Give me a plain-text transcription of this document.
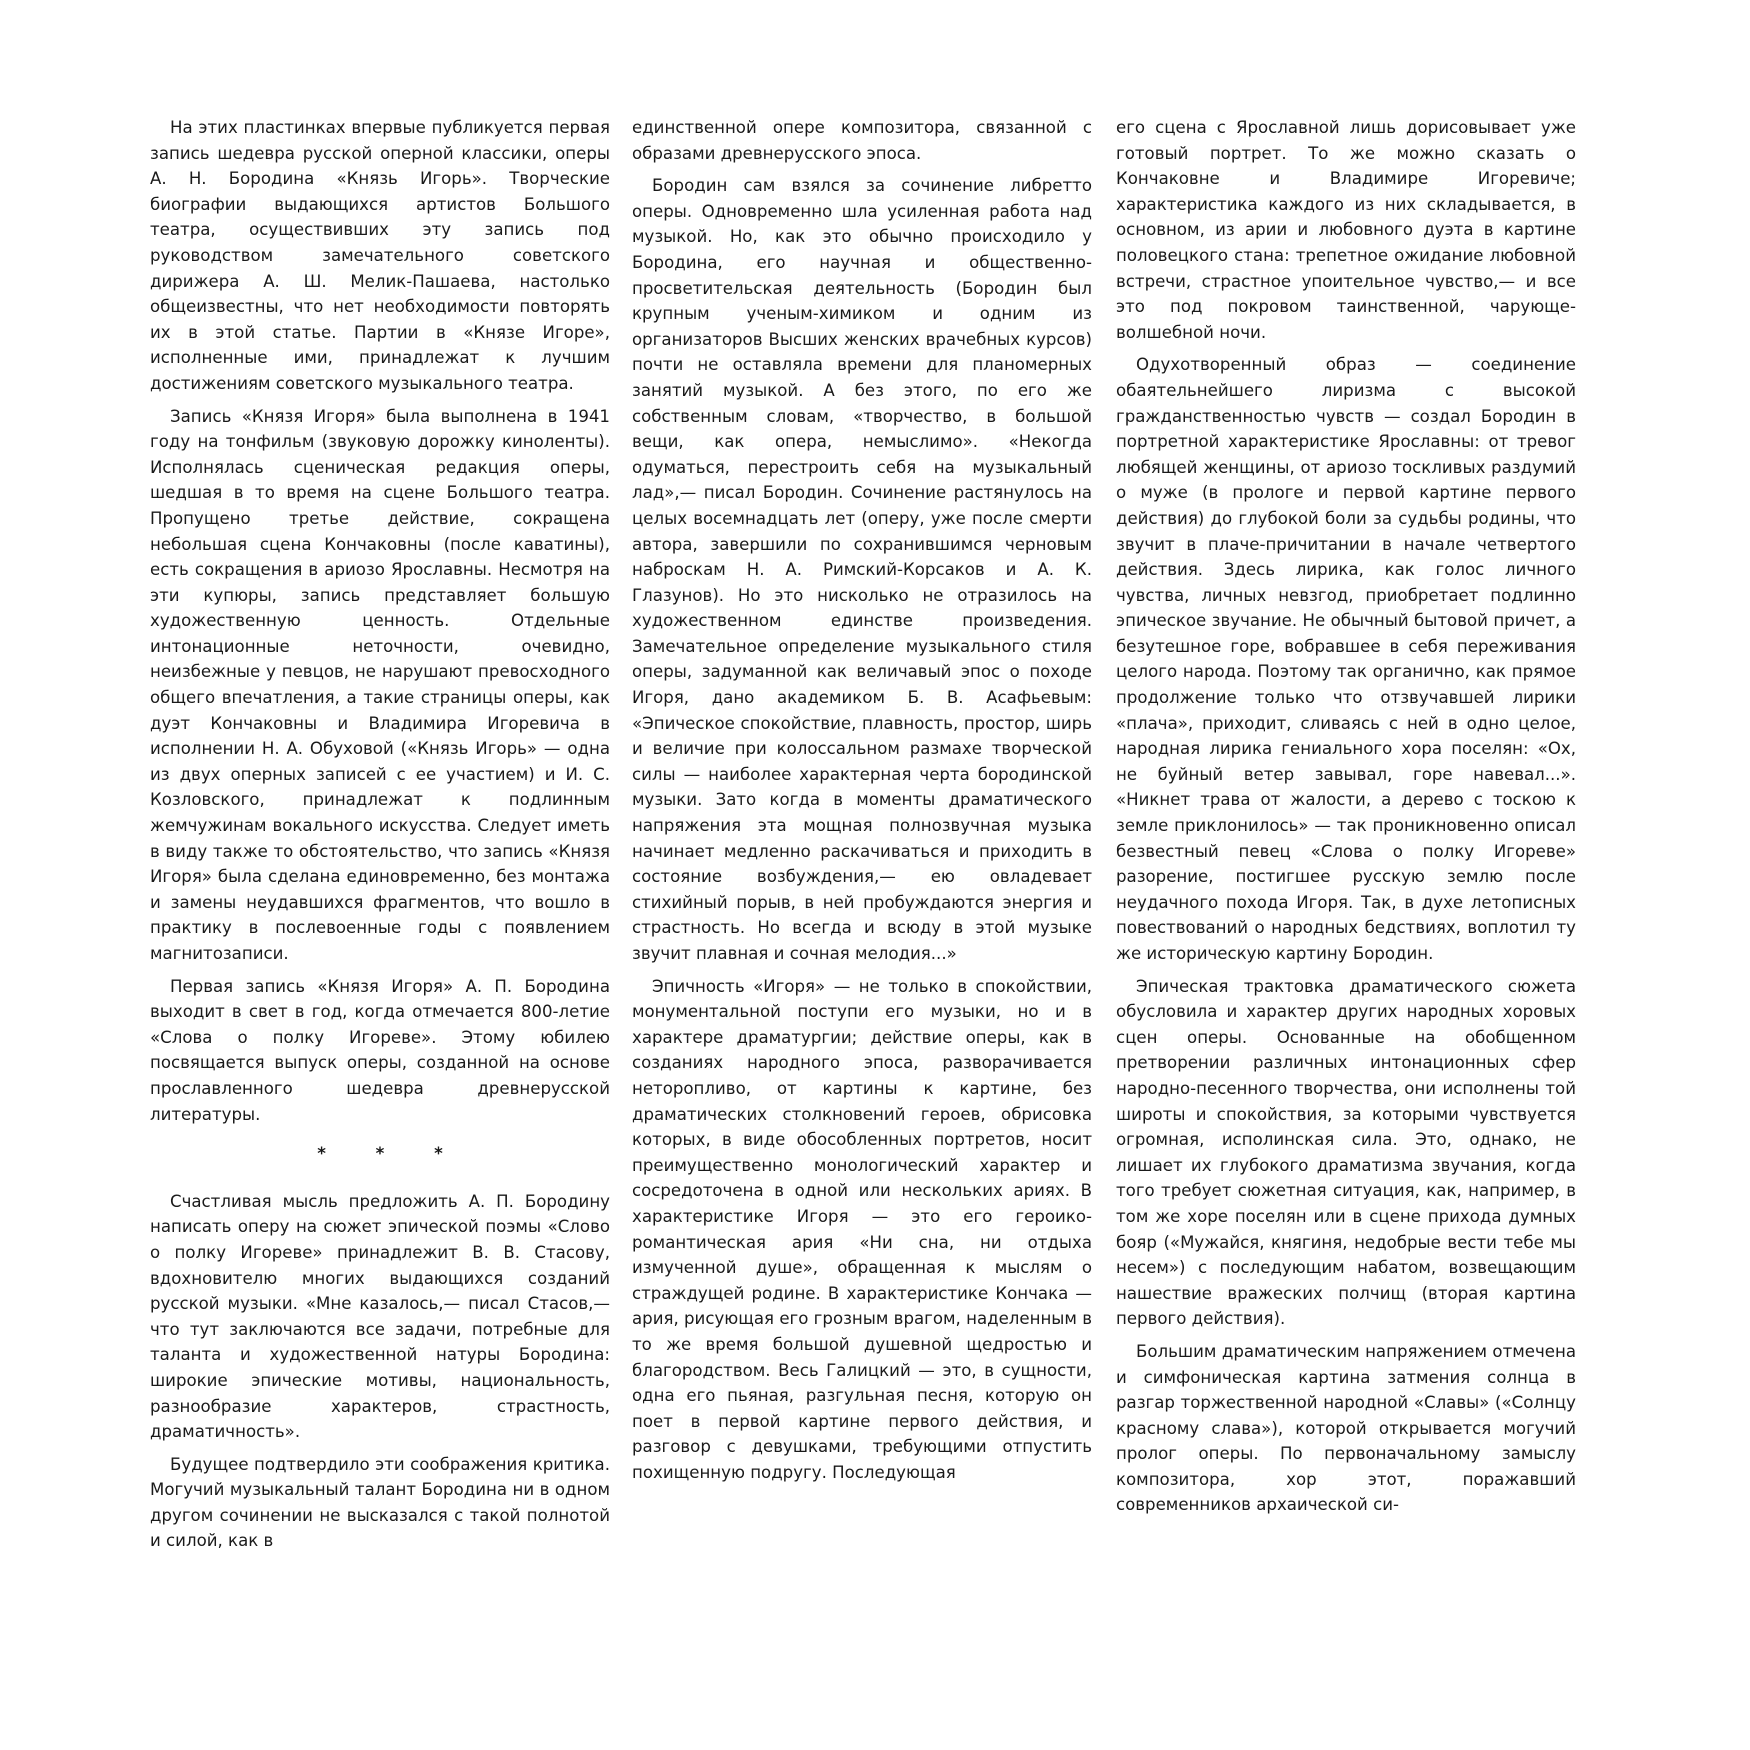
На этих пластинках впервые публикуется первая запись шедевра русской оперной классики, оперы А. Н. Бородина «Князь Игорь». Творческие биографии выдающихся артистов Большого театра, осуществивших эту запись под руководством замечательного советского дирижера А. Ш. Мелик-Пашаева, настолько общеизвестны, что нет необходимости повторять их в этой статье. Партии в «Князе Игоре», исполненные ими, принадлежат к лучшим достижениям советского музыкального театра.

Запись «Князя Игоря» была выполнена в 1941 году на тонфильм (звуковую дорожку киноленты). Исполнялась сценическая редакция оперы, шедшая в то время на сцене Большого театра. Пропущено третье действие, сокращена небольшая сцена Кончаковны (после каватины), есть сокращения в ариозо Ярославны. Несмотря на эти купюры, запись представляет большую художественную ценность. Отдельные интонационные неточности, очевидно, неизбежные у певцов, не нарушают превосходного общего впечатления, а такие страницы оперы, как дуэт Кончаковны и Владимира Игоревича в исполнении Н. А. Обуховой («Князь Игорь» — одна из двух оперных записей с ее участием) и И. С. Козловского, принадлежат к подлинным жемчужинам вокального искусства. Следует иметь в виду также то обстоятельство, что запись «Князя Игоря» была сделана единовременно, без монтажа и замены неудавшихся фрагментов, что вошло в практику в послевоенные годы с появлением магнитозаписи.

Первая запись «Князя Игоря» А. П. Бородина выходит в свет в год, когда отмечается 800-летие «Слова о полку Игореве». Этому юбилею посвящается выпуск оперы, созданной на основе прославленного шедевра древнерусской литературы.

* * *

Счастливая мысль предложить А. П. Бородину написать оперу на сюжет эпической поэмы «Слово о полку Игореве» принадлежит В. В. Стасову, вдохновителю многих выдающихся созданий русской музыки. «Мне казалось,— писал Стасов,— что тут заключаются все задачи, потребные для таланта и художественной натуры Бородина: широкие эпические мотивы, национальность, разнообразие характеров, страстность, драматичность».

Будущее подтвердило эти соображения критика. Могучий музыкальный талант Бородина ни в одном другом сочинении не высказался с такой полнотой и силой, как в

единственной опере композитора, связанной с образами древнерусского эпоса.

Бородин сам взялся за сочинение либретто оперы. Одновременно шла усиленная работа над музыкой. Но, как это обычно происходило у Бородина, его научная и общественно-просветительская деятельность (Бородин был крупным ученым-химиком и одним из организаторов Высших женских врачебных курсов) почти не оставляла времени для планомерных занятий музыкой. А без этого, по его же собственным словам, «творчество, в большой вещи, как опера, немыслимо». «Некогда одуматься, перестроить себя на музыкальный лад»,— писал Бородин. Сочинение растянулось на целых восемнадцать лет (оперу, уже после смерти автора, завершили по сохранившимся черновым наброскам Н. А. Римский-Корсаков и А. К. Глазунов). Но это нисколько не отразилось на художественном единстве произведения. Замечательное определение музыкального стиля оперы, задуманной как величавый эпос о походе Игоря, дано академиком Б. В. Асафьевым: «Эпическое спокойствие, плавность, простор, ширь и величие при колоссальном размахе творческой силы — наиболее характерная черта бородинской музыки. Зато когда в моменты драматического напряжения эта мощная полнозвучная музыка начинает медленно раскачиваться и приходить в состояние возбуждения,— ею овладевает стихийный порыв, в ней пробуждаются энергия и страстность. Но всегда и всюду в этой музыке звучит плавная и сочная мелодия...»

Эпичность «Игоря» — не только в спокойствии, монументальной поступи его музыки, но и в характере драматургии; действие оперы, как в созданиях народного эпоса, разворачивается неторопливо, от картины к картине, без драматических столкновений героев, обрисовка которых, в виде обособленных портретов, носит преимущественно монологический характер и сосредоточена в одной или нескольких ариях. В характеристике Игоря — это его героико-романтическая ария «Ни сна, ни отдыха измученной душе», обращенная к мыслям о страждущей родине. В характеристике Кончака — ария, рисующая его грозным врагом, наделенным в то же время большой душевной щедростью и благородством. Весь Галицкий — это, в сущности, одна его пьяная, разгульная песня, которую он поет в первой картине первого действия, и разговор с девушками, требующими отпустить похищенную подругу. Последующая

его сцена с Ярославной лишь дорисовывает уже готовый портрет. То же можно сказать о Кончаковне и Владимире Игоревиче; характеристика каждого из них складывается, в основном, из арии и любовного дуэта в картине половецкого стана: трепетное ожидание любовной встречи, страстное упоительное чувство,— и все это под покровом таинственной, чарующе-волшебной ночи.

Одухотворенный образ — соединение обаятельнейшего лиризма с высокой гражданственностью чувств — создал Бородин в портретной характеристике Ярославны: от тревог любящей женщины, от ариозо тоскливых раздумий о муже (в прологе и первой картине первого действия) до глубокой боли за судьбы родины, что звучит в плаче-причитании в начале четвертого действия. Здесь лирика, как голос личного чувства, личных невзгод, приобретает подлинно эпическое звучание. Не обычный бытовой причет, а безутешное горе, вобравшее в себя переживания целого народа. Поэтому так органично, как прямое продолжение только что отзвучавшей лирики «плача», приходит, сливаясь с ней в одно целое, народная лирика гениального хора поселян: «Ох, не буйный ветер завывал, горе навевал...». «Никнет трава от жалости, а дерево с тоскою к земле приклонилось» — так проникновенно описал безвестный певец «Слова о полку Игореве» разорение, постигшее русскую землю после неудачного похода Игоря. Так, в духе летописных повествований о народных бедствиях, воплотил ту же историческую картину Бородин.

Эпическая трактовка драматического сюжета обусловила и характер других народных хоровых сцен оперы. Основанные на обобщенном претворении различных интонационных сфер народно-песенного творчества, они исполнены той широты и спокойствия, за которыми чувствуется огромная, исполинская сила. Это, однако, не лишает их глубокого драматизма звучания, когда того требует сюжетная ситуация, как, например, в том же хоре поселян или в сцене прихода думных бояр («Мужайся, княгиня, недобрые вести тебе мы несем») с последующим набатом, возвещающим нашествие вражеских полчищ (вторая картина первого действия).

Большим драматическим напряжением отмечена и симфоническая картина затмения солнца в разгар торжественной народной «Славы» («Солнцу красному слава»), которой открывается могучий пролог оперы. По первоначальному замыслу композитора, хор этот, поражавший современников архаической си-
